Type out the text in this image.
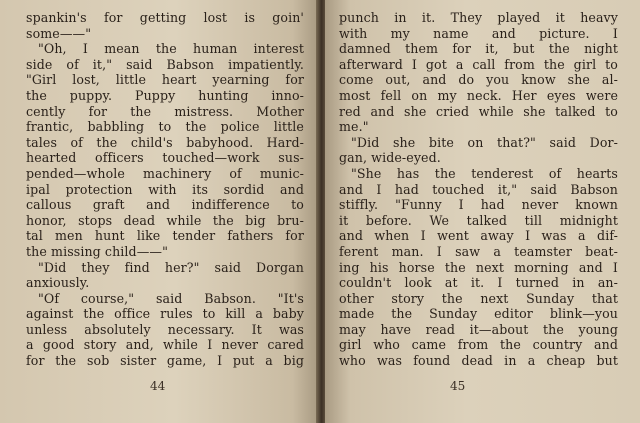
spankin's for getting lost is goin'
some——"
"Oh, I mean the human interest
side of it," said Babson impatiently.
"Girl lost, little heart yearning for
the puppy. Puppy hunting inno-
cently for the mistress. Mother
frantic, babbling to the police little
tales of the child's babyhood. Hard-
hearted officers touched—work sus-
pended—whole machinery of munic-
ipal protection with its sordid and
callous graft and indifference to
honor, stops dead while the big bru-
tal men hunt like tender fathers for
the missing child——"
"Did they find her?" said Dorgan
anxiously.
"Of course," said Babson. "It's
against the office rules to kill a baby
unless absolutely necessary. It was
a good story and, while I never cared
for the sob sister game, I put a big
44
punch in it. They played it heavy
with my name and picture. I
damned them for it, but the night
afterward I got a call from the girl to
come out, and do you know she al-
most fell on my neck. Her eyes were
red and she cried while she talked to
me."
"Did she bite on that?" said Dor-
gan, wide-eyed.
"She has the tenderest of hearts
and I had touched it," said Babson
stiffly. "Funny I had never known
it before. We talked till midnight
and when I went away I was a dif-
ferent man. I saw a teamster beat-
ing his horse the next morning and I
couldn't look at it. I turned in an-
other story the next Sunday that
made the Sunday editor blink—you
may have read it—about the young
girl who came from the country and
who was found dead in a cheap but
45
